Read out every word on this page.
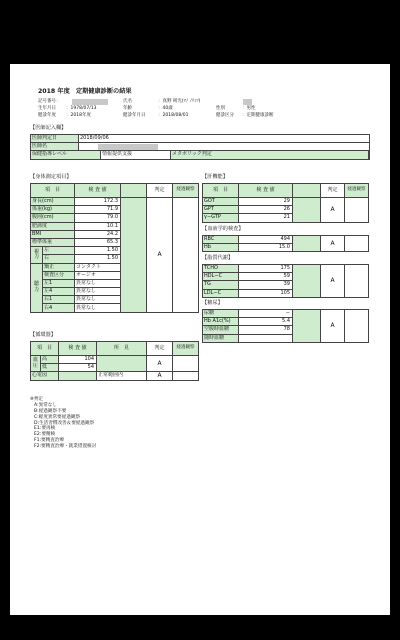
2018 年度　定期健康診断の結果
記号番号：	氏名	：真野 則光(ﾏﾉ ﾉﾘﾐﾂ)
生年月日 ：1978/07/13	年齢	：40歳	性別	：男性
健診年度 ：2018年度	健診年月日	：2018/08/01	健診区分 ：定期健康診断
【医師記入欄】
医師判定日	2018/09/06			
医師名				
保健指導レベル		情報提供支援	メタボリック判定	
【身体測定項目】
項　目		検 査 値		判定	経過観察
身長(cm)		172.3		A	
体重(kg)		71.9			
腹囲(cm)		79.0			
肥満度		10.1			
BMI		24.2			
標準体重		65.3			
視力	左	1.50			
	右	1.50			
聴力	矯正	コンタクト			
	検査区分	オージオ			
	左1	異常なし			
	左4	異常なし			
	右1	異常なし			
	右4	異常なし			
【循環器】
項　目		検 査 値	所　見	判定	経過観察
血圧	高	104		A	
	低	54			
心電図			正常範囲内	A	
【肝機能】
項　目	検 査 値		判定	経過観察
GOT	29		A	
GPT	26			
γ−GTP	21			
【血液学的検査】
RBC	494		A	
Hb	15.0			
【脂質代謝】
TCHO	175		A	
HDL−C	59			
TG	39			
LDL−C	105			
【糖尿】
尿糖	−		A	
Hb A1c(%)	5.4			
空腹時血糖	78			
随時血糖				
※判定
A:異常なし
B:経過観察不要
C:軽度異常要経過観察
D:生活習慣改善＆要経過観察
E1:要再検
E2:要精検
F1:要精査治療
F2:要精査治療・就業措置検討
